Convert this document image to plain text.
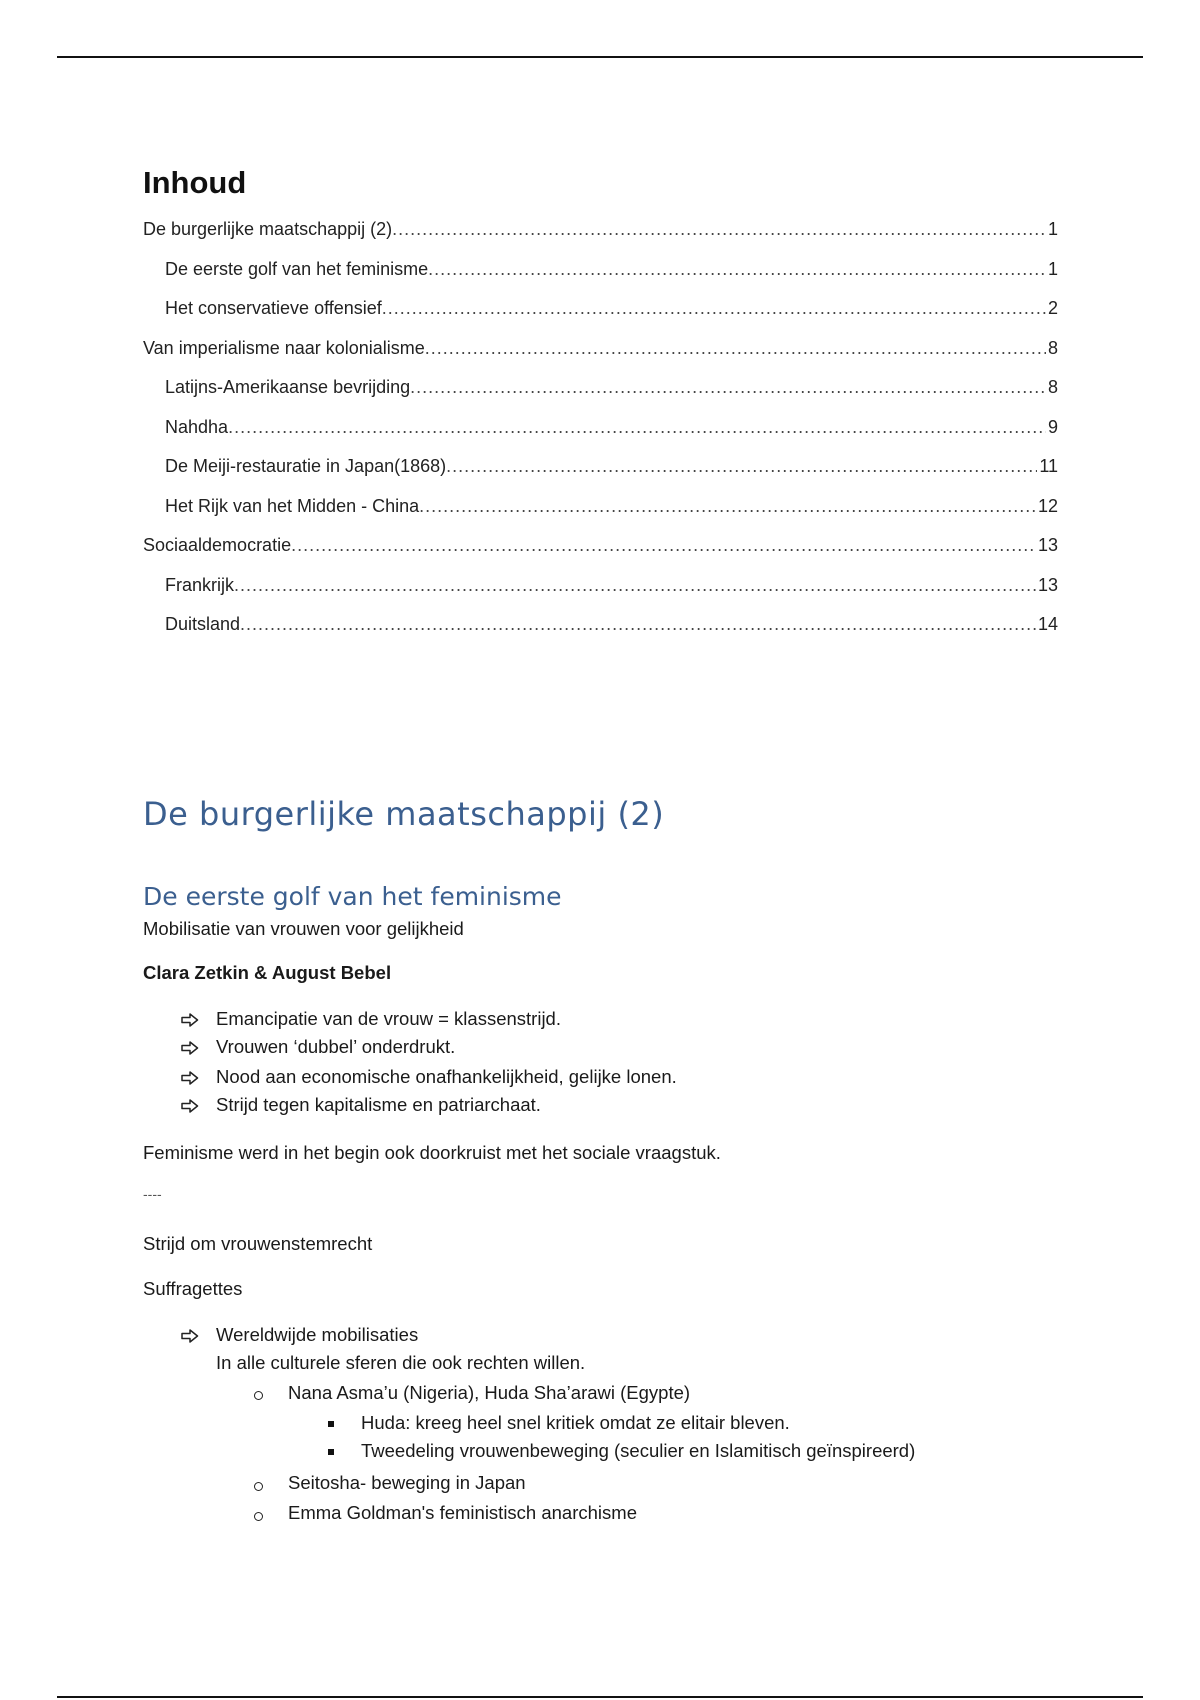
Inhoud
De burgerlijke maatschappij (2) .....	1
De eerste golf van het feminisme .....	1
Het conservatieve offensief .....	2
Van imperialisme naar kolonialisme .....	8
Latijns-Amerikaanse bevrijding .....	8
Nahdha .....	9
De Meiji-restauratie in Japan(1868) .....	11
Het Rijk van het Midden - China .....	12
Sociaaldemocratie .....	13
Frankrijk .....	13
Duitsland .....	14
De burgerlijke maatschappij (2)
De eerste golf van het feminisme

Mobilisatie van vrouwen voor gelijkheid

Clara Zetkin & August Bebel

Emancipatie van de vrouw = klassenstrijd.

Vrouwen ‘dubbel’ onderdrukt.

Nood aan economische onafhankelijkheid, gelijke lonen.

Strijd tegen kapitalisme en patriarchaat.

Feminisme werd in het begin ook doorkruist met het sociale vraagstuk.

----

Strijd om vrouwenstemrecht

Suffragettes

Wereldwijde mobilisaties

In alle culturele sferen die ook rechten willen.

Nana Asma’u (Nigeria), Huda Sha’arawi (Egypte)

Huda: kreeg heel snel kritiek omdat ze elitair bleven.

Tweedeling vrouwenbeweging (seculier en Islamitisch geïnspireerd)

Seitosha- beweging in Japan

Emma Goldman's feministisch anarchisme
